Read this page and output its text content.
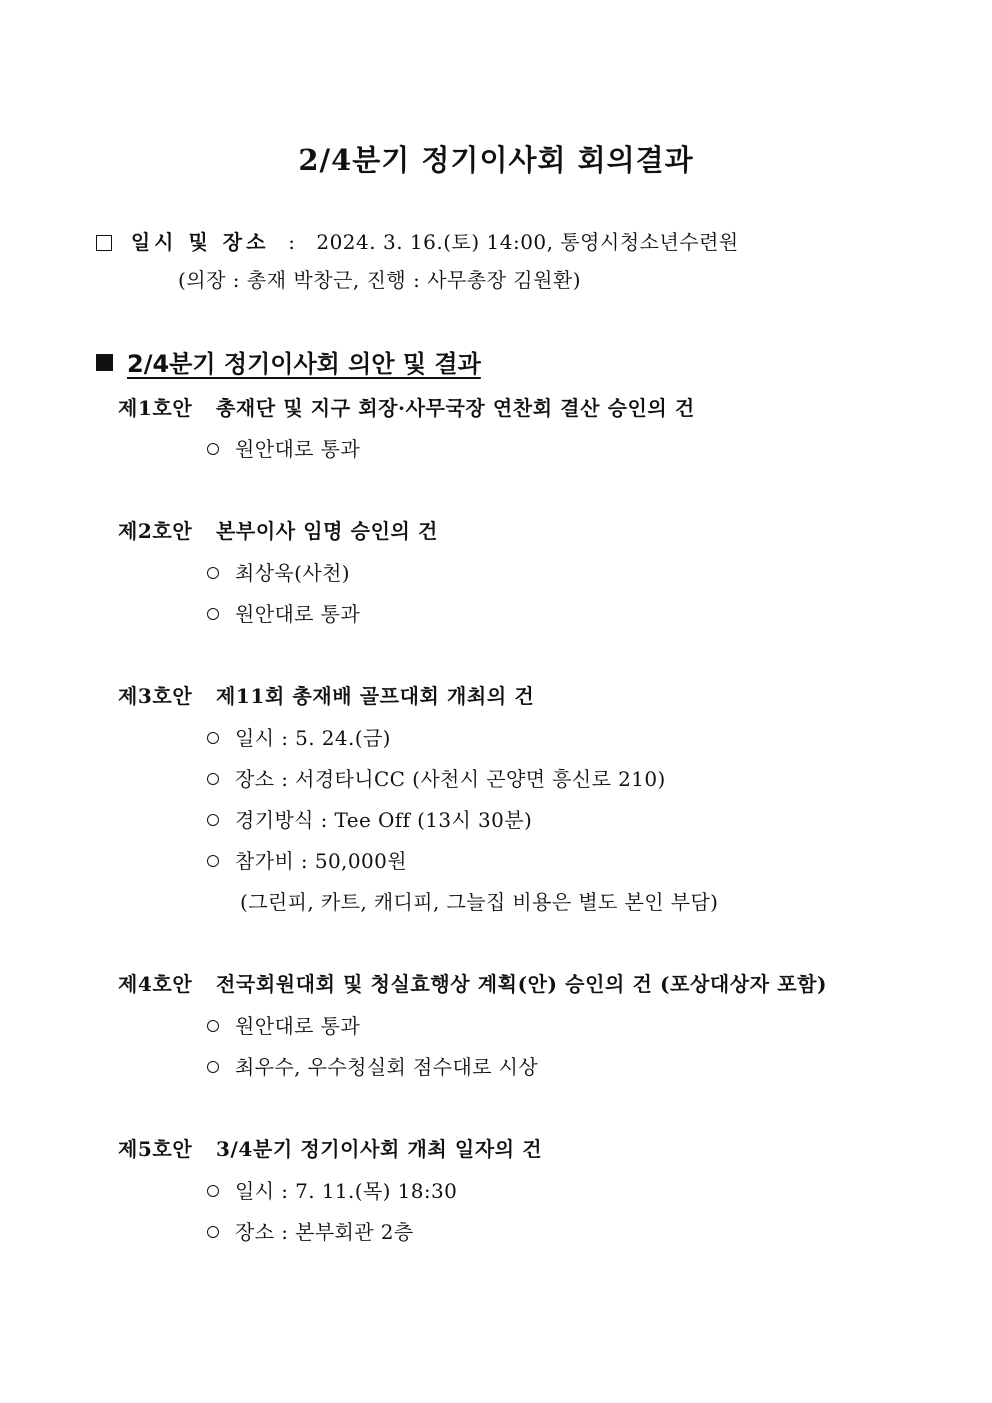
2/4분기 정기이사회 회의결과
일시 및 장소 : 2024. 3. 16.(토) 14:00, 통영시청소년수련원
(의장 : 총재 박창근, 진행 : 사무총장 김원환)
2/4분기 정기이사회 의안 및 결과
제1호안 총재단 및 지구 회장·사무국장 연찬회 결산 승인의 건
원안대로 통과
제2호안 본부이사 임명 승인의 건
최상욱(사천)
원안대로 통과
제3호안 제11회 총재배 골프대회 개최의 건
일시 : 5. 24.(금)
장소 : 서경타니CC (사천시 곤양면 흥신로 210)
경기방식 : Tee Off (13시 30분)
참가비 : 50,000원
(그린피, 카트, 캐디피, 그늘집 비용은 별도 본인 부담)
제4호안 전국회원대회 및 청실효행상 계획(안) 승인의 건 (포상대상자 포함)
원안대로 통과
최우수, 우수청실회 점수대로 시상
제5호안 3/4분기 정기이사회 개최 일자의 건
일시 : 7. 11.(목) 18:30
장소 : 본부회관 2층
